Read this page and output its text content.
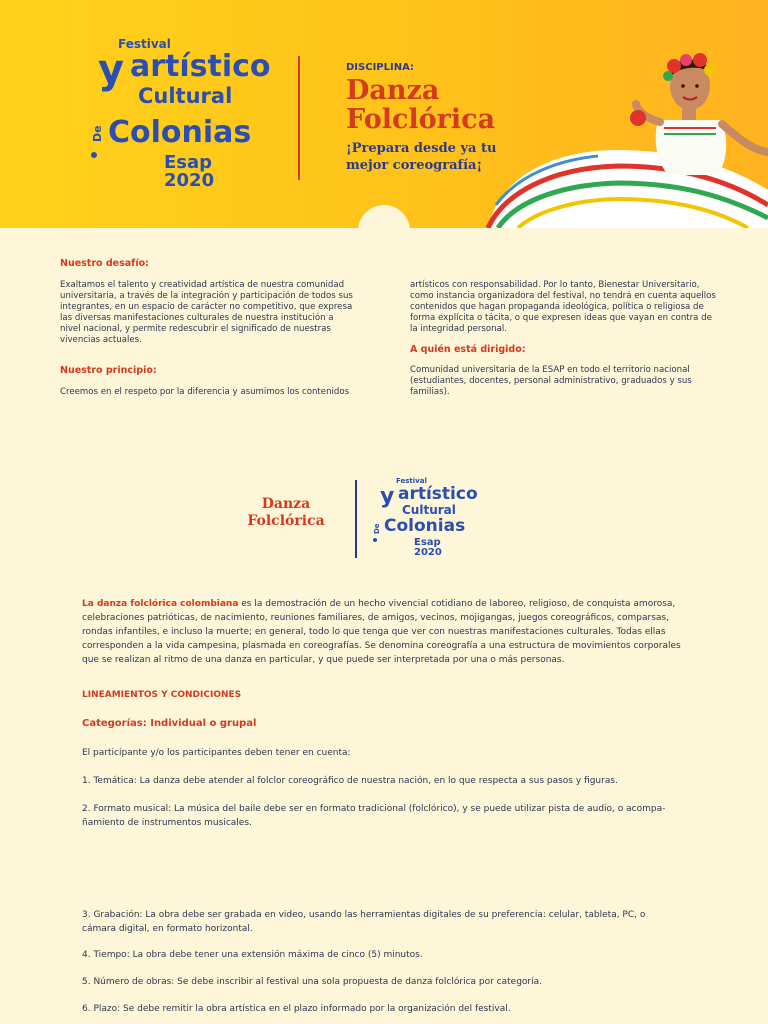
Festival
y artístico
Cultural
De Colonias
Esap 2020
DISCIPLINA:
Danza
Folclórica
¡Prepara desde ya tu
mejor coreografía¡
Nuestro desafío:
Exaltamos el talento y creatividad artística de nuestra comunidad
universitaria, a través de la integración y participación de todos sus
integrantes, en un espacio de carácter no competitivo, que expresa
las diversas manifestaciones culturales de nuestra institución a
nivel nacional, y permite redescubrir el significado de nuestras
vivencias actuales.
Nuestro principio:
Creemos en el respeto por la diferencia y asumimos los contenidos
artísticos con responsabilidad. Por lo tanto, Bienestar Universitario,
como instancia organizadora del festival, no tendrá en cuenta aquellos
contenidos que hagan propaganda ideológica, política o religiosa de
forma explícita o tácita, o que expresen ideas que vayan en contra de
la integridad personal.
A quién está dirigido:
Comunidad universitaria de la ESAP en todo el territorio nacional
(estudiantes, docentes, personal administrativo, graduados y sus
familias).
Danza
Folclórica
Festival
y artístico
Cultural
De Colonias
Esap 2020
La danza folclórica colombiana es la demostración de un hecho vivencial cotidiano de laboreo, religioso, de conquista amorosa,
celebraciones patrióticas, de nacimiento, reuniones familiares, de amigos, vecinos, mojigangas, juegos coreográficos, comparsas,
rondas infantiles, e incluso la muerte; en general, todo lo que tenga que ver con nuestras manifestaciones culturales. Todas ellas
corresponden a la vida campesina, plasmada en coreografías. Se denomina coreografía a una estructura de movimientos corporales
que se realizan al ritmo de una danza en particular, y que puede ser interpretada por una o más personas.
LINEAMIENTOS Y CONDICIONES
Categorías: Individual o grupal
El participante y/o los participantes deben tener en cuenta:
1. Temática: La danza debe atender al folclor coreográfico de nuestra nación, en lo que respecta a sus pasos y figuras.
2. Formato musical: La música del baile debe ser en formato tradicional (folclórico), y se puede utilizar pista de audio, o acompa-
ñamiento de instrumentos musicales.
3. Grabación: La obra debe ser grabada en video, usando las herramientas digitales de su preferencia: celular, tableta, PC, o
cámara digital, en formato horizontal.
4. Tiempo: La obra debe tener una extensión máxima de cinco (5) minutos.
5. Número de obras: Se debe inscribir al festival una sola propuesta de danza folclórica por categoría.
6. Plazo: Se debe remitir la obra artística en el plazo informado por la organización del festival.
